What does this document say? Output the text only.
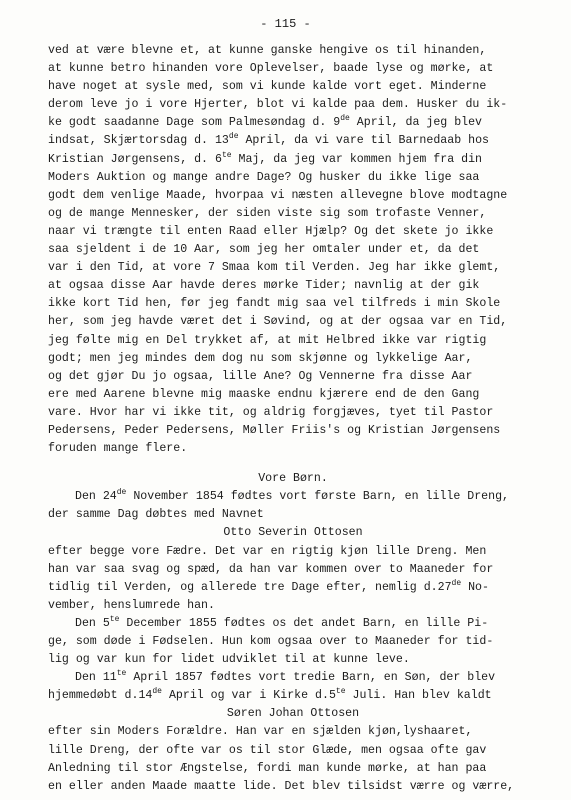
- 115 -
ved at være blevne et, at kunne ganske hengive os til hinanden,
at kunne betro hinanden vore Oplevelser, baade lyse og mørke, at
have noget at sysle med, som vi kunde kalde vort eget. Minderne
derom leve jo i vore Hjerter, blot vi kalde paa dem. Husker du ik-
ke godt saadanne Dage som Palmesøndag d. 9de April, da jeg blev
indsat, Skjærtorsdag d. 13de April, da vi vare til Barnedaab hos
Kristian Jørgensens, d. $6^{te}$ Maj, da jeg var kommen hjem fra din
Moders Auktion og mange andre Dage? Og husker du ikke lige saa
godt dem venlige Maade, hvorpaa vi næsten allevegne blove modtagne
og de mange Mennesker, der siden viste sig som trofaste Venner,
naar vi trængte til enten Raad eller Hjælp? Og det skete jo ikke
saa sjeldent i de 10 Aar, som jeg her omtaler under et, da det
var i den Tid, at vore 7 Smaa kom til Verden. Jeg har ikke glemt,
at ogsaa disse Aar havde deres mørke Tider; navnlig at der gik
ikke kort Tid hen, før jeg fandt mig saa vel tilfreds i min Skole
her, som jeg havde været det i Søvind, og at der ogsaa var en Tid,
jeg følte mig en Del trykket af, at mit Helbred ikke var rigtig
godt; men jeg mindes dem dog nu som skjønne og lykkelige Aar,
og det gjør Du jo ogsaa, lille Ane? Og Vennerne fra disse Aar
ere med Aarene blevne mig maaske endnu kjærere end de den Gang
vare. Hvor har vi ikke tit, og aldrig forgjæves, tyet til Pastor
Pedersens, Peder Pedersens, Møller Friis's og Kristian Jørgensens
foruden mange flere.
Vore Børn.
Den 24de November 1854 fødtes vort første Barn, en lille Dreng,
der samme Dag døbtes med Navnet
Otto Severin Ottosen
efter begge vore Fædre. Det var en rigtig kjøn lille Dreng. Men
han var saa svag og spæd, da han var kommen over to Maaneder for
tidlig til Verden, og allerede tre Dage efter, nemlig d.27de No-
vember, henslumrede han.
Den $5^{te}$ December 1855 fødtes os det andet Barn, en lille Pi-
ge, som døde i Fødselen. Hun kom ogsaa over to Maaneder for tid-
lig og var kun for lidet udviklet til at kunne leve.
Den $11^{te}$ April 1857 fødtes vort tredie Barn, en Søn, der blev
hjemmedøbt d.14de April og var i Kirke $d.5^{te}$ Juli. Han blev kaldt
Søren Johan Ottosen
efter sin Moders Forældre. Han var en sjælden kjøn,lyshaaret,
lille Dreng, der ofte var os til stor Glæde, men ogsaa ofte gav
Anledning til stor Ængstelse, fordi man kunde mørke, at han paa
en eller anden Maade maatte lide. Det blev tilsidst værre og værre,
